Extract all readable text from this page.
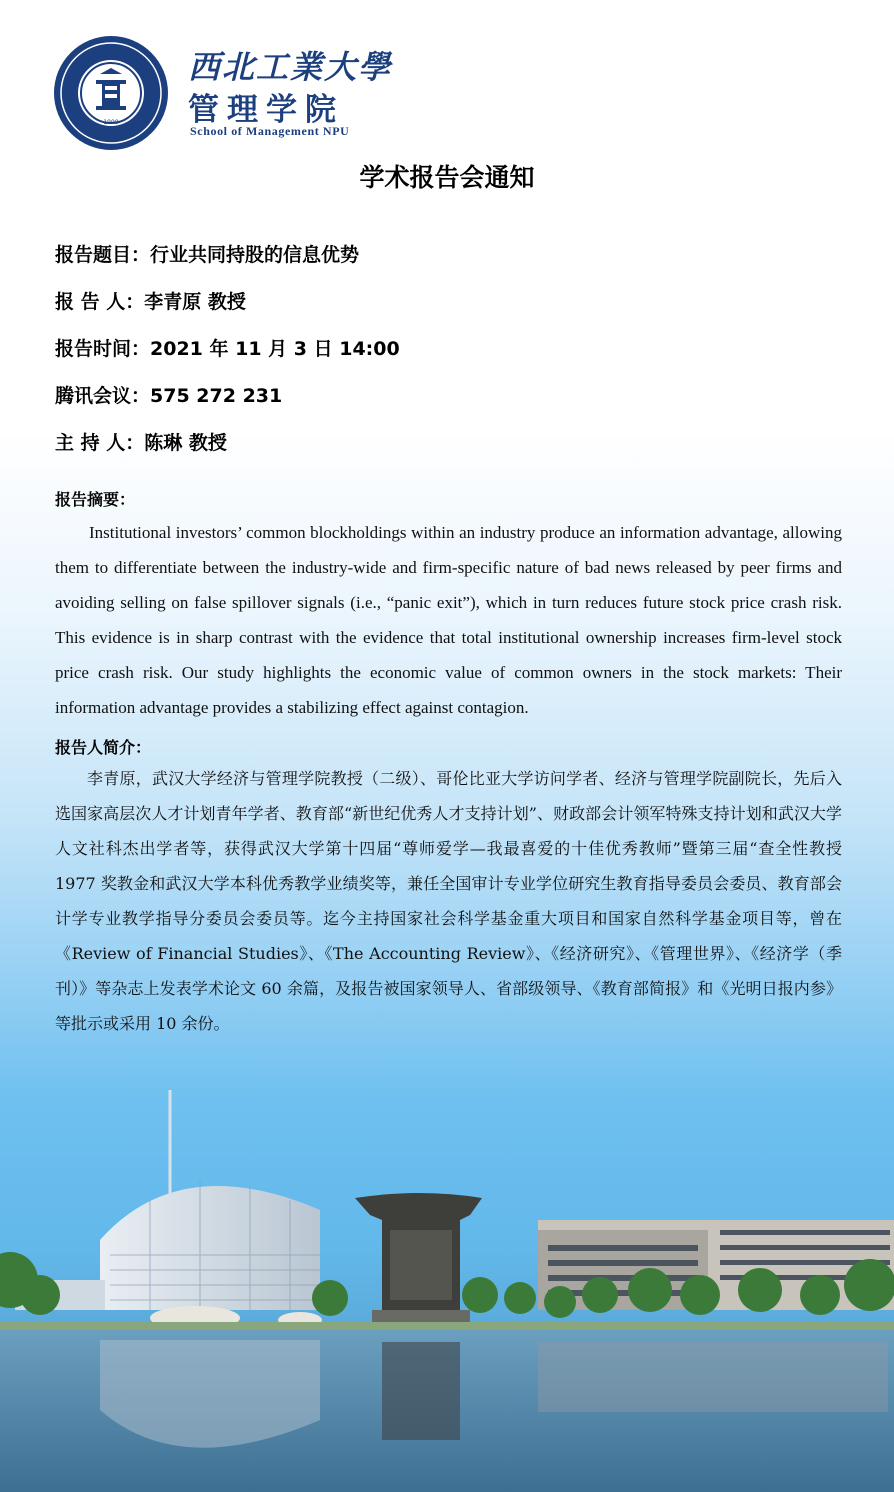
1990
西北工業大學
管理学院
School of Management NPU
学术报告会通知
报告题目：行业共同持股的信息优势
报 告 人：李青原 教授
报告时间：2021 年 11 月 3 日 14:00
腾讯会议：575 272 231
主 持 人：陈琳 教授
报告摘要：
Institutional investors’ common blockholdings within an industry produce an information advantage, allowing them to differentiate between the industry-wide and firm-specific nature of bad news released by peer firms and avoiding selling on false spillover signals (i.e., “panic exit”), which in turn reduces future stock price crash risk. This evidence is in sharp contrast with the evidence that total institutional ownership increases firm-level stock price crash risk. Our study highlights the economic value of common owners in the stock markets: Their information advantage provides a stabilizing effect against contagion.
报告人简介：
李青原，武汉大学经济与管理学院教授（二级）、哥伦比亚大学访问学者、经济与管理学院副院长，先后入选国家高层次人才计划青年学者、教育部“新世纪优秀人才支持计划”、财政部会计领军特殊支持计划和武汉大学人文社科杰出学者等，获得武汉大学第十四届“尊师爱学—我最喜爱的十佳优秀教师”暨第三届“查全性教授 1977 奖教金和武汉大学本科优秀教学业绩奖等，兼任全国审计专业学位研究生教育指导委员会委员、教育部会计学专业教学指导分委员会委员等。迄今主持国家社会科学基金重大项目和国家自然科学基金项目等，曾在《Review of Financial Studies》、《The Accounting Review》、《经济研究》、《管理世界》、《经济学（季刊）》等杂志上发表学术论文 60 余篇，及报告被国家领导人、省部级领导、《教育部简报》和《光明日报内参》等批示或采用 10 余份。
